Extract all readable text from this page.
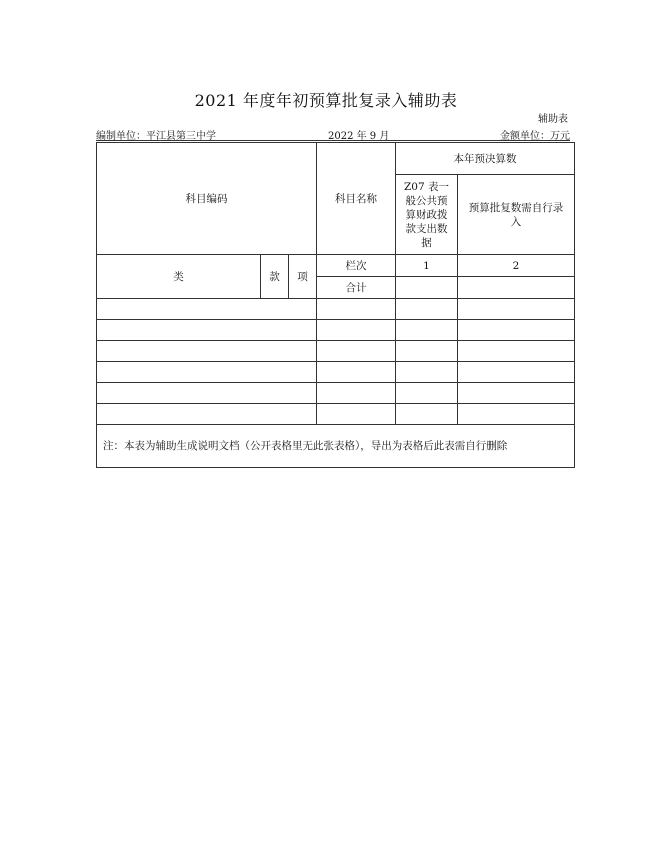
2021 年度年初预算批复录入辅助表
辅助表
编制单位：平江县第三中学	2022 年 9 月	金额单位：万元
科目编码			科目名称	本年预决算数	
				Z07 表一般公共预算财政拨款支出数据	预算批复数需自行录入
类	款	项	栏次	1	2
			合计		

注：本表为辅助生成说明文档（公开表格里无此张表格），导出为表格后此表需自行删除					
